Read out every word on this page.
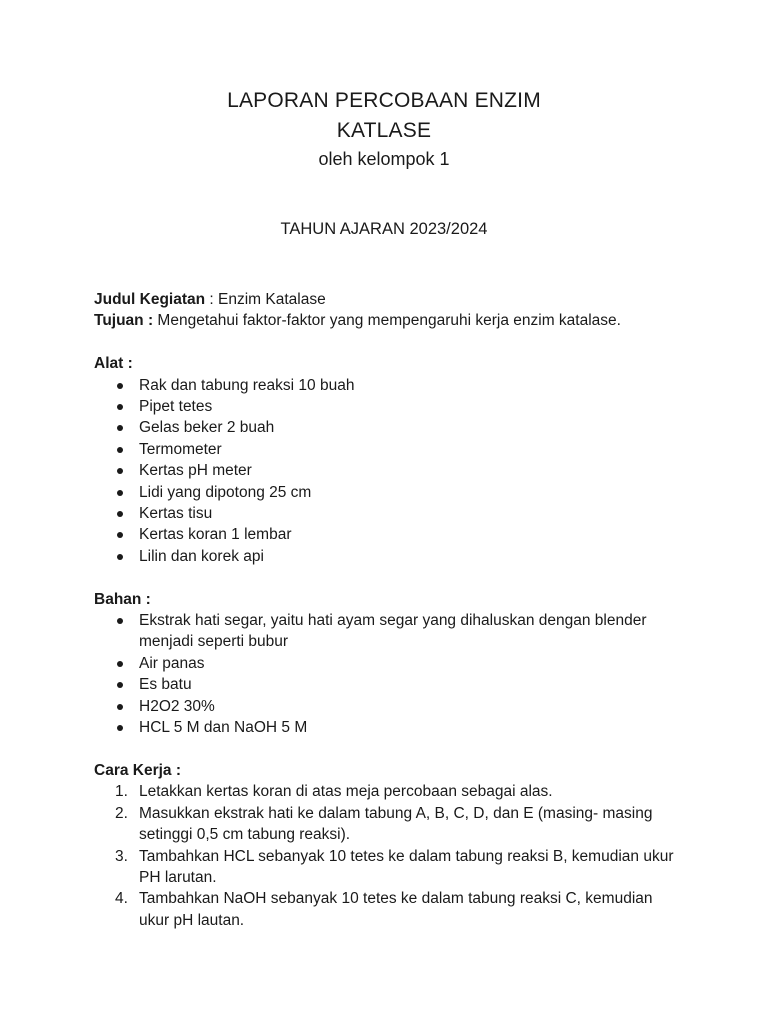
LAPORAN PERCOBAAN ENZIM
KATLASE
oleh kelompok 1
TAHUN AJARAN 2023/2024

Judul Kegiatan : Enzim Katalase

Tujuan : Mengetahui faktor-faktor yang mempengaruhi kerja enzim katalase.

Alat :

Rak dan tabung reaksi 10 buah
Pipet tetes
Gelas beker 2 buah
Termometer
Kertas pH meter
Lidi yang dipotong 25 cm
Kertas tisu
Kertas koran 1 lembar
Lilin dan korek api

Bahan :

Ekstrak hati segar, yaitu hati ayam segar yang dihaluskan dengan blender menjadi seperti bubur
Air panas
Es batu
H2O2 30%
HCL 5 M dan NaOH 5 M

Cara Kerja :

1. Letakkan kertas koran di atas meja percobaan sebagai alas.
2. Masukkan ekstrak hati ke dalam tabung A, B, C, D, dan E (masing- masing setinggi 0,5 cm tabung reaksi).
3. Tambahkan HCL sebanyak 10 tetes ke dalam tabung reaksi B, kemudian ukur PH larutan.
4. Tambahkan NaOH sebanyak 10 tetes ke dalam tabung reaksi C, kemudian ukur pH lautan.
